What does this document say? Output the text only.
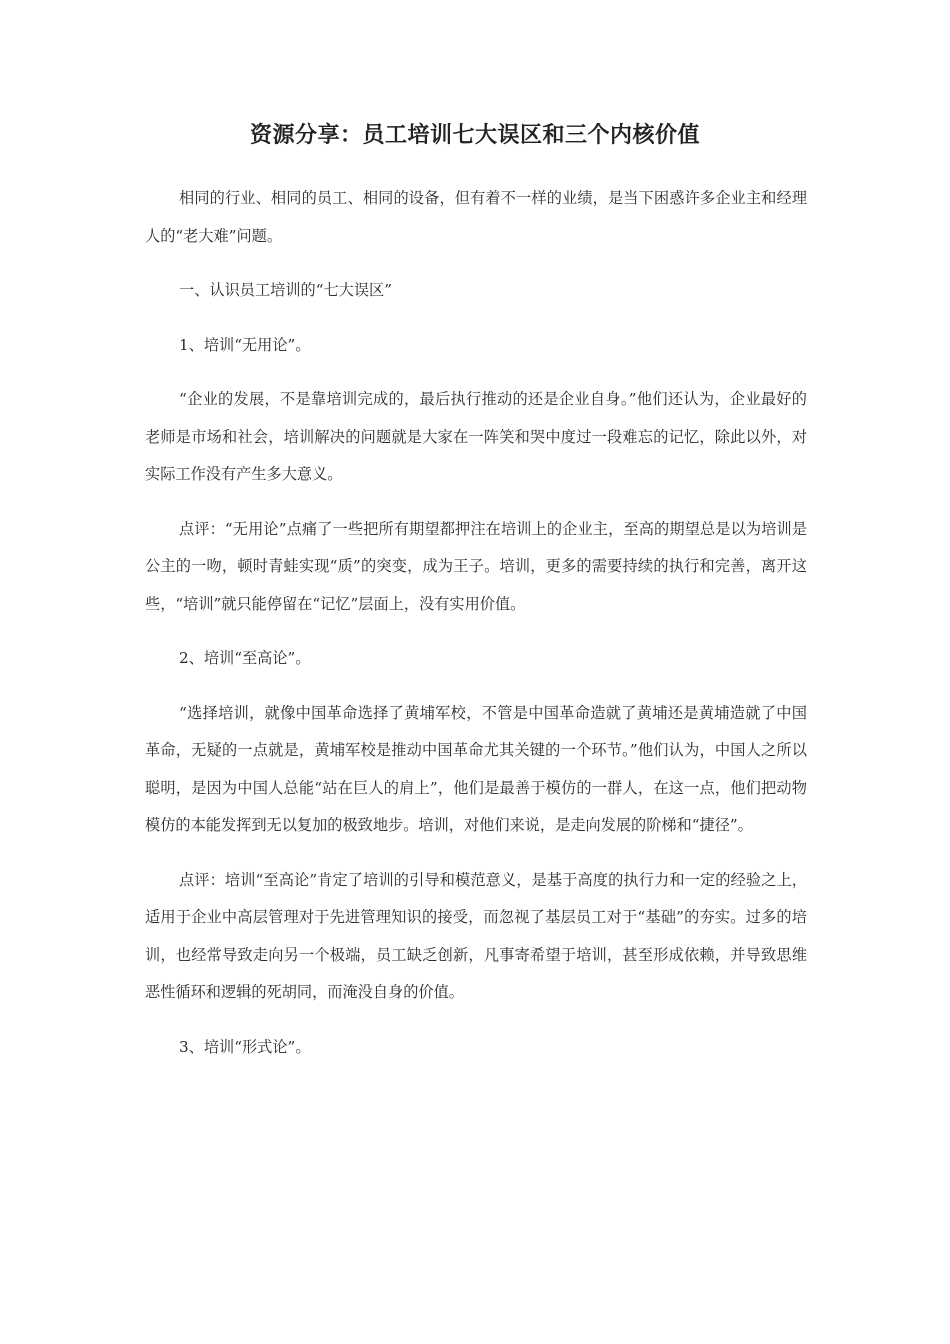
资源分享：员工培训七大误区和三个内核价值

相同的行业、相同的员工、相同的设备，但有着不一样的业绩，是当下困惑许多企业主和经理人的“老大难”问题。

一、认识员工培训的“七大误区”

1、培训“无用论”。

“企业的发展，不是靠培训完成的，最后执行推动的还是企业自身。”他们还认为，企业最好的老师是市场和社会，培训解决的问题就是大家在一阵笑和哭中度过一段难忘的记忆，除此以外，对实际工作没有产生多大意义。

点评：“无用论”点痛了一些把所有期望都押注在培训上的企业主，至高的期望总是以为培训是公主的一吻，顿时青蛙实现“质”的突变，成为王子。培训，更多的需要持续的执行和完善，离开这些，“培训”就只能停留在“记忆”层面上，没有实用价值。

2、培训“至高论”。

“选择培训，就像中国革命选择了黄埔军校，不管是中国革命造就了黄埔还是黄埔造就了中国革命，无疑的一点就是，黄埔军校是推动中国革命尤其关键的一个环节。”他们认为，中国人之所以聪明，是因为中国人总能“站在巨人的肩上”，他们是最善于模仿的一群人，在这一点，他们把动物模仿的本能发挥到无以复加的极致地步。培训，对他们来说，是走向发展的阶梯和“捷径”。

点评：培训“至高论”肯定了培训的引导和模范意义，是基于高度的执行力和一定的经验之上，适用于企业中高层管理对于先进管理知识的接受，而忽视了基层员工对于“基础”的夯实。过多的培训，也经常导致走向另一个极端，员工缺乏创新，凡事寄希望于培训，甚至形成依赖，并导致思维恶性循环和逻辑的死胡同，而淹没自身的价值。

3、培训“形式论”。
